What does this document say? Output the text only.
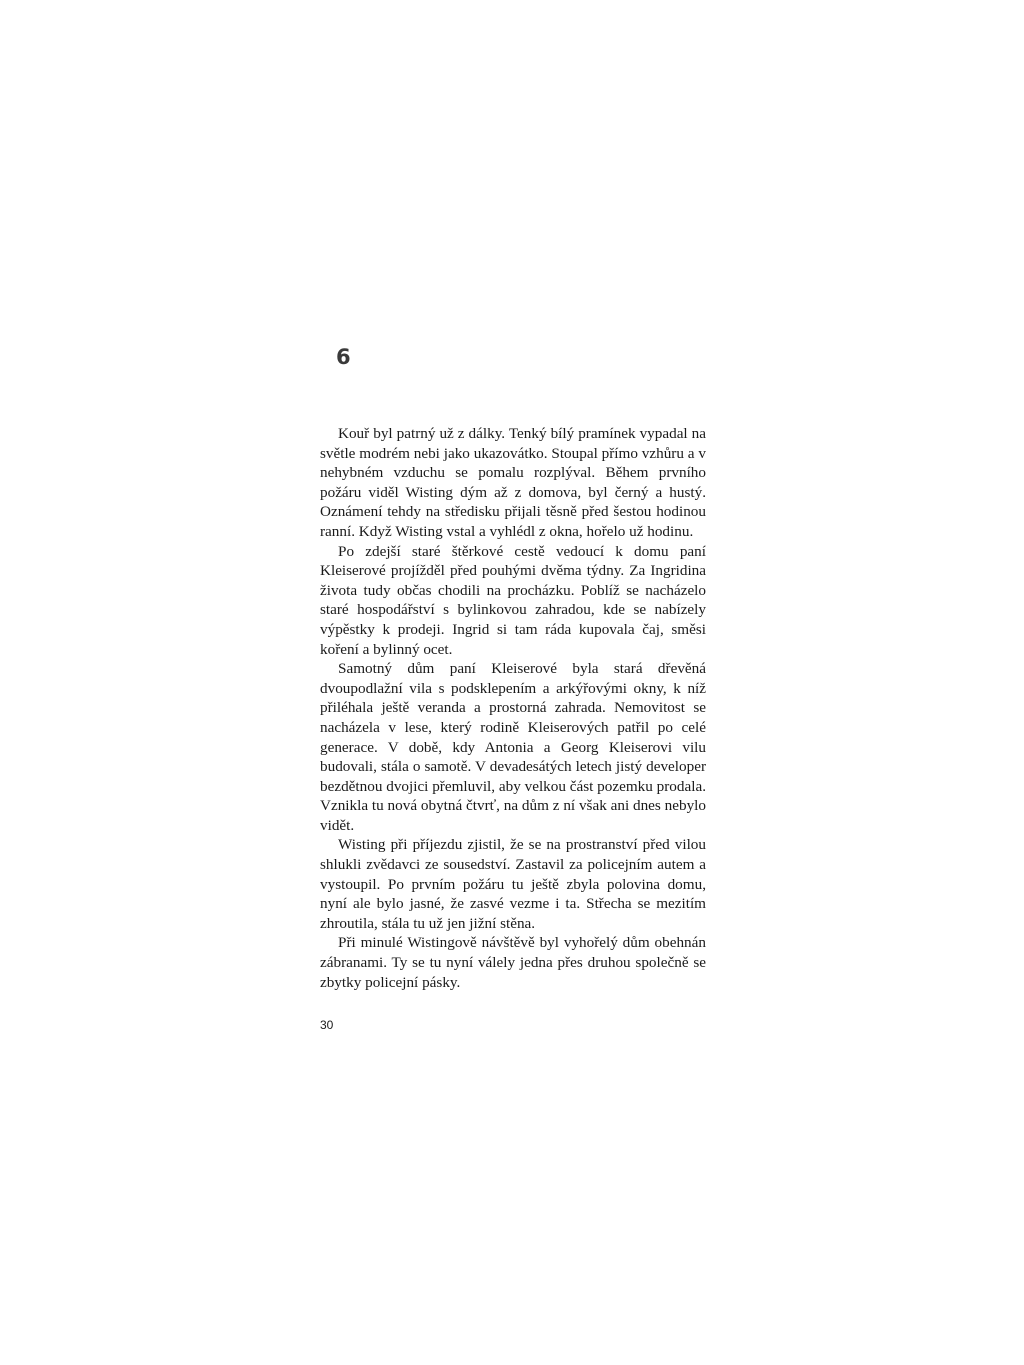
6

Kouř byl patrný už z dálky. Tenký bílý pramínek vypadal na světle modrém nebi jako ukazovátko. Stoupal přímo vzhůru a v nehybném vzduchu se pomalu rozplýval. Během prvního požáru viděl Wisting dým až z domova, byl černý a hustý. Oznámení tehdy na středisku přijali těsně před šestou hodinou ranní. Když Wisting vstal a vyhlédl z okna, hořelo už hodinu.

Po zdejší staré štěrkové cestě vedoucí k domu paní Kleiserové projížděl před pouhými dvěma týdny. Za Ingridina života tudy občas chodili na procházku. Poblíž se nacházelo staré hospodářství s bylinkovou zahradou, kde se nabízely výpěstky k prodeji. Ingrid si tam ráda kupovala čaj, směsi koření a bylinný ocet.

Samotný dům paní Kleiserové byla stará dřevěná dvoupodlažní vila s podsklepením a arkýřovými okny, k níž přiléhala ještě veranda a prostorná zahrada. Nemovitost se nacházela v lese, který rodině Kleiserových patřil po celé generace. V době, kdy Antonia a Georg Kleiserovi vilu budovali, stála o samotě. V devadesátých letech jistý developer bezdětnou dvojici přemluvil, aby velkou část pozemku prodala. Vznikla tu nová obytná čtvrť, na dům z ní však ani dnes nebylo vidět.

Wisting při příjezdu zjistil, že se na prostranství před vilou shlukli zvědavci ze sousedství. Zastavil za policejním autem a vystoupil. Po prvním požáru tu ještě zbyla polovina domu, nyní ale bylo jasné, že zasvé vezme i ta. Střecha se mezitím zhroutila, stála tu už jen jižní stěna.

Při minulé Wistingově návštěvě byl vyhořelý dům obehnán zábranami. Ty se tu nyní válely jedna přes druhou společně se zbytky policejní pásky.

30
